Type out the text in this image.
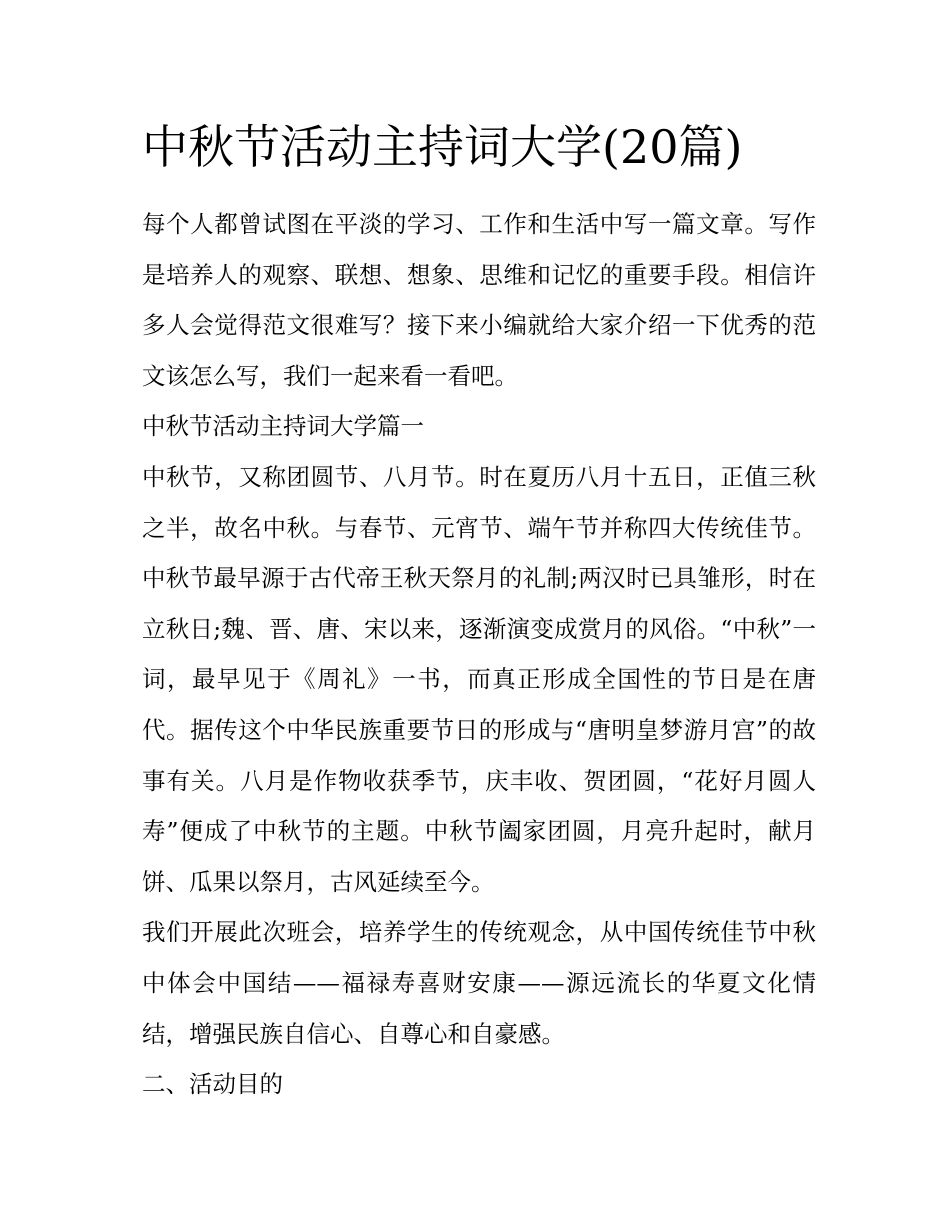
中秋节活动主持词大学(20篇)

每个人都曾试图在平淡的学习、工作和生活中写一篇文章。写作是培养人的观察、联想、想象、思维和记忆的重要手段。相信许多人会觉得范文很难写？接下来小编就给大家介绍一下优秀的范文该怎么写，我们一起来看一看吧。

中秋节活动主持词大学篇一

中秋节，又称团圆节、八月节。时在夏历八月十五日，正值三秋之半，故名中秋。与春节、元宵节、端午节并称四大传统佳节。中秋节最早源于古代帝王秋天祭月的礼制;两汉时已具雏形，时在立秋日;魏、晋、唐、宋以来，逐渐演变成赏月的风俗。“中秋”一词，最早见于《周礼》一书，而真正形成全国性的节日是在唐代。据传这个中华民族重要节日的形成与“唐明皇梦游月宫”的故事有关。八月是作物收获季节，庆丰收、贺团圆，“花好月圆人寿”便成了中秋节的主题。中秋节阖家团圆，月亮升起时，献月饼、瓜果以祭月，古风延续至今。

我们开展此次班会，培养学生的传统观念，从中国传统佳节中秋中体会中国结——福禄寿喜财安康——源远流长的华夏文化情结，增强民族自信心、自尊心和自豪感。

二、活动目的
